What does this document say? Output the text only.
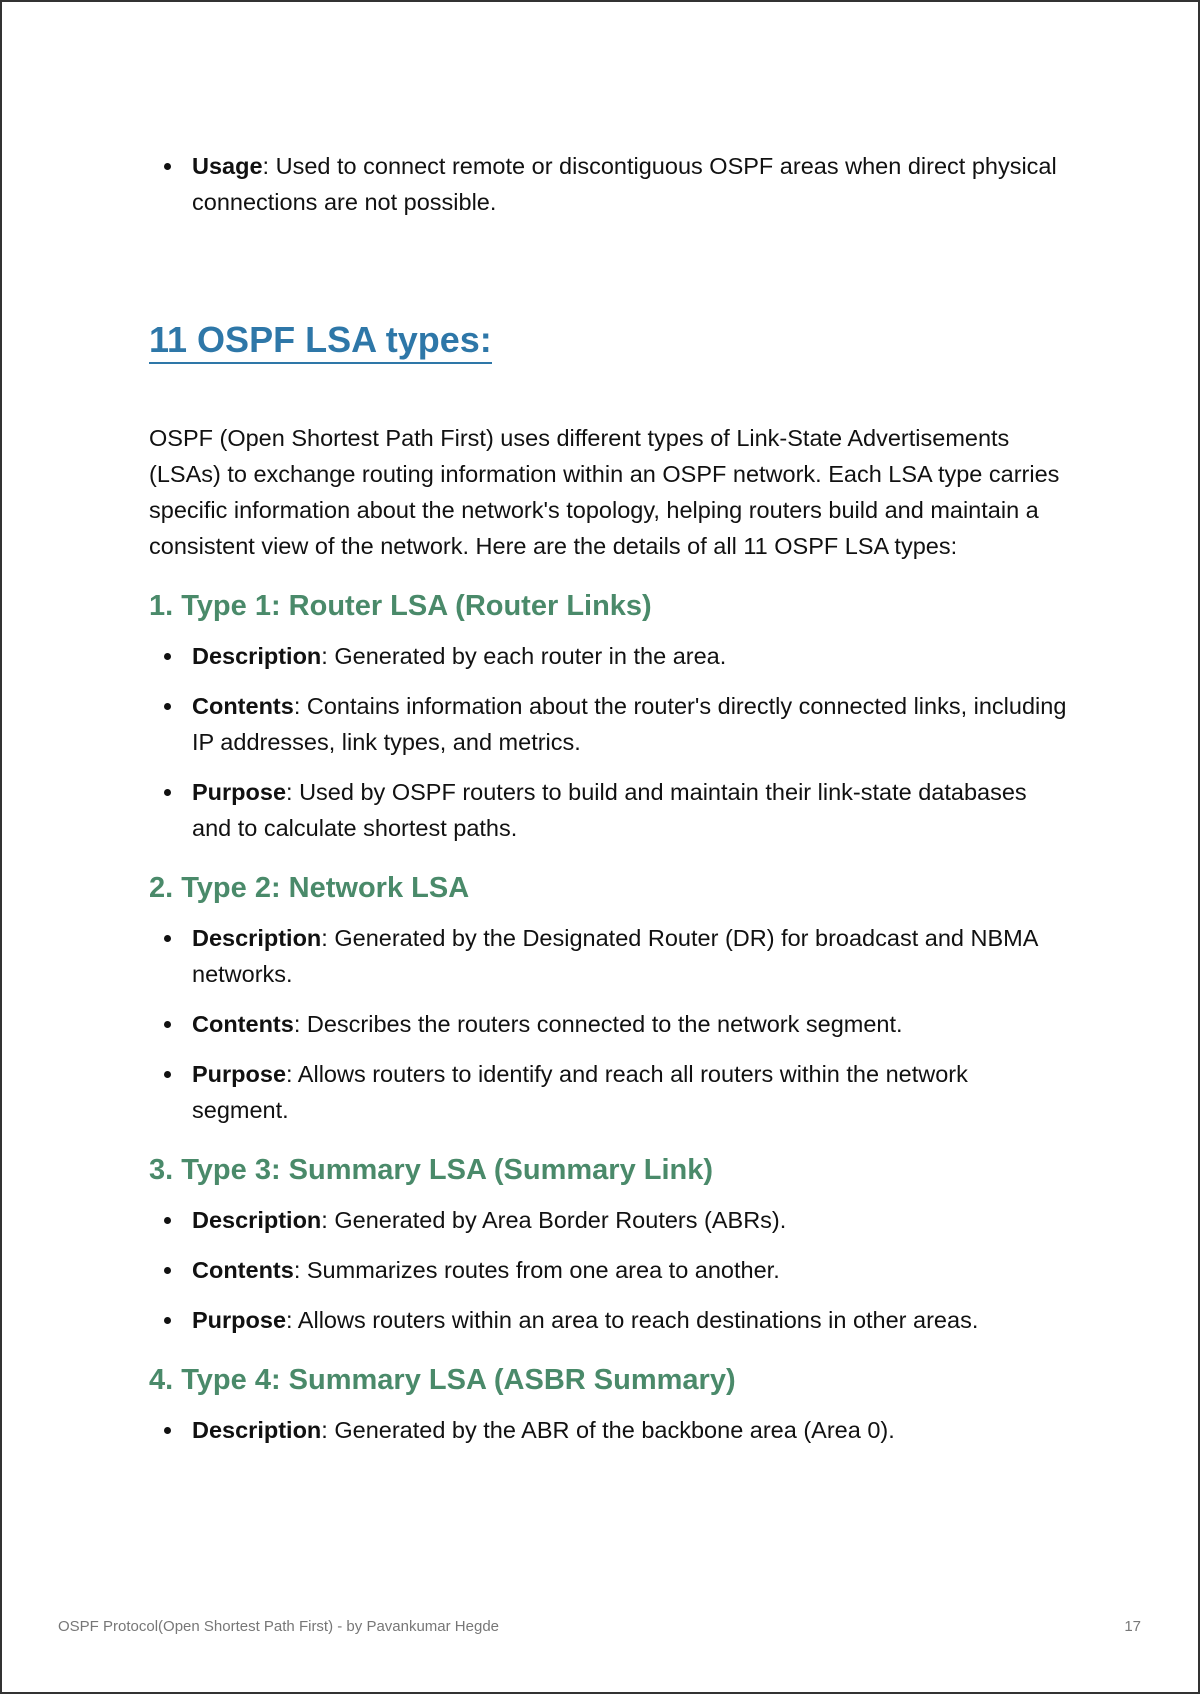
Usage: Used to connect remote or discontiguous OSPF areas when direct physical connections are not possible.
11 OSPF LSA types:

OSPF (Open Shortest Path First) uses different types of Link-State Advertisements (LSAs) to exchange routing information within an OSPF network. Each LSA type carries specific information about the network's topology, helping routers build and maintain a consistent view of the network. Here are the details of all 11 OSPF LSA types:

1. Type 1: Router LSA (Router Links)
Description: Generated by each router in the area.
Contents: Contains information about the router's directly connected links, including IP addresses, link types, and metrics.
Purpose: Used by OSPF routers to build and maintain their link-state databases and to calculate shortest paths.
2. Type 2: Network LSA
Description: Generated by the Designated Router (DR) for broadcast and NBMA networks.
Contents: Describes the routers connected to the network segment.
Purpose: Allows routers to identify and reach all routers within the network segment.
3. Type 3: Summary LSA (Summary Link)
Description: Generated by Area Border Routers (ABRs).
Contents: Summarizes routes from one area to another.
Purpose: Allows routers within an area to reach destinations in other areas.
4. Type 4: Summary LSA (ASBR Summary)
Description: Generated by the ABR of the backbone area (Area 0).
OSPF Protocol(Open Shortest Path First) - by Pavankumar Hegde	17
